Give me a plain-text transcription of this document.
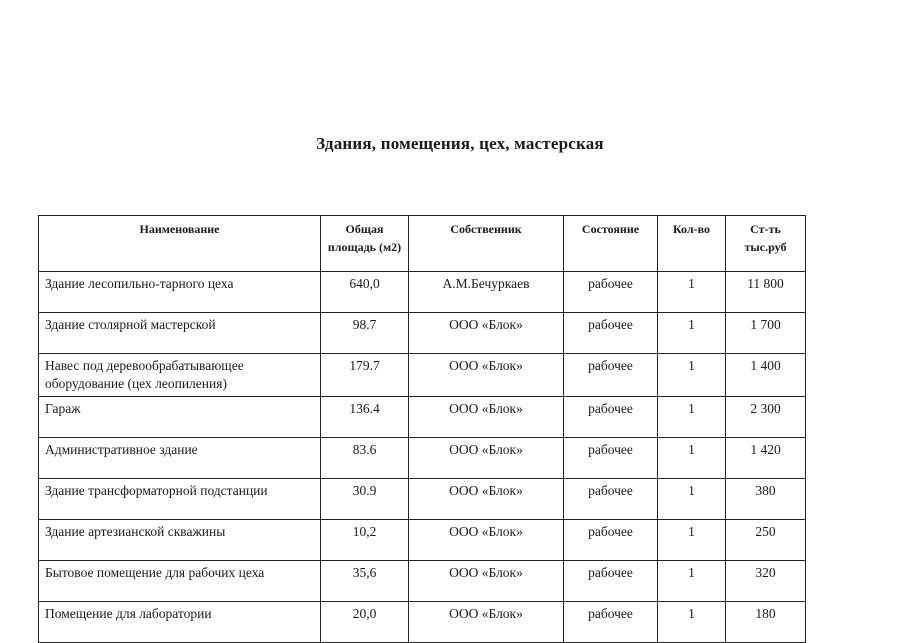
Здания, помещения, цех, мастерская
Наименование	Общая площадь (м2)	Собственник	Состояние	Кол-во	Ст-ть тыс.руб
Здание лесопильно-тарного цеха	640,0	А.М.Бечуркаев	рабочее	1	11 800
Здание столярной мастерской	98.7	ООО «Блок»	рабочее	1	1 700
Навес под деревообрабатывающее оборудование (цех леопиления)	179.7	ООО «Блок»	рабочее	1	1 400
Гараж	136.4	ООО «Блок»	рабочее	1	2 300
Административное здание	83.6	ООО «Блок»	рабочее	1	1 420
Здание трансформаторной подстанции	30.9	ООО «Блок»	рабочее	1	380
Здание артезианской скважины	10,2	ООО «Блок»	рабочее	1	250
Бытовое помещение для рабочих цеха	35,6	ООО «Блок»	рабочее	1	320
Помещение для лаборатории	20,0	ООО «Блок»	рабочее	1	180
